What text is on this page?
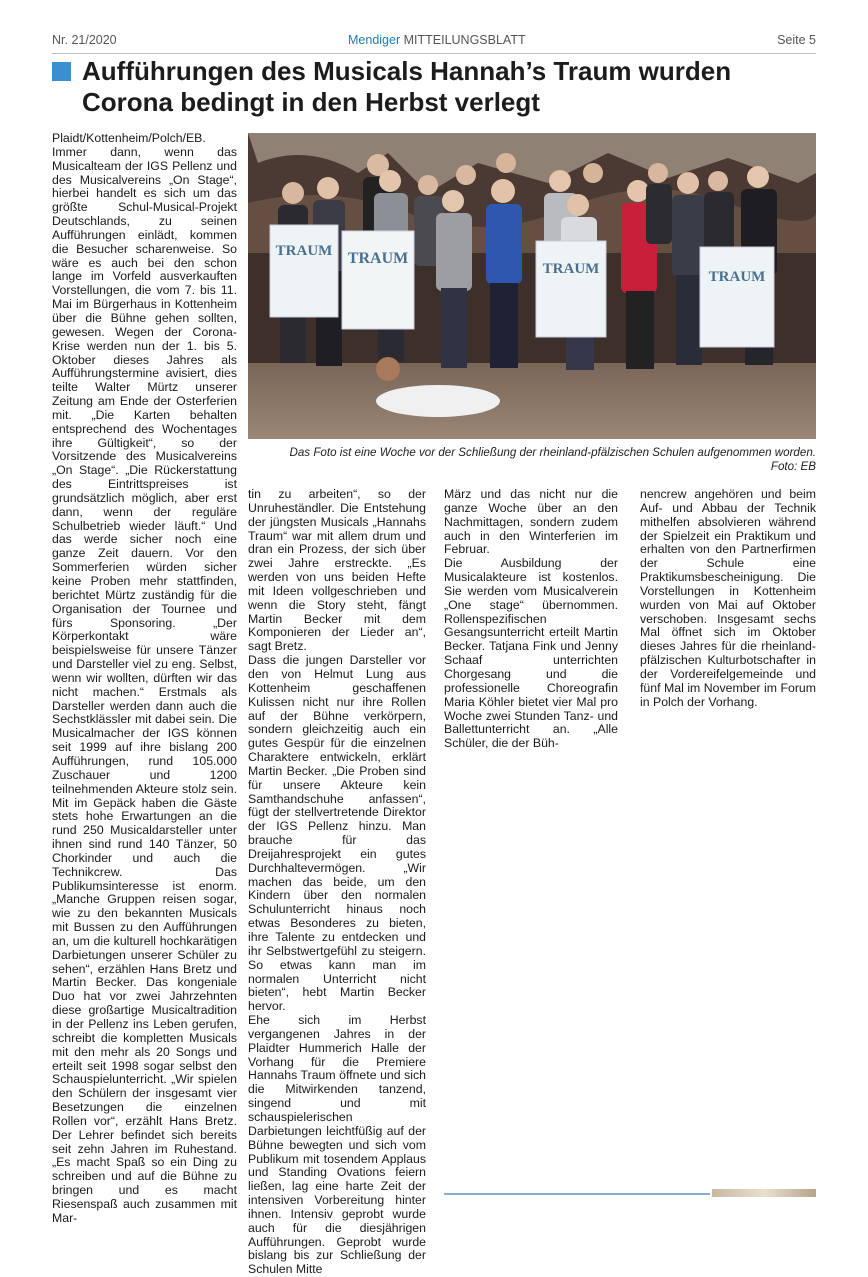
Nr. 21/2020	Mendiger MITTEILUNGSBLATT	Seite 5
Aufführungen des Musicals Hannah’s Traum wurden
Corona bedingt in den Herbst verlegt

Plaidt/Kottenheim/Polch/EB. Immer dann, wenn das Musicalteam der IGS Pellenz und des Musicalvereins „On Stage“, hierbei handelt es sich um das größte Schul-Musical-Projekt Deutschlands, zu seinen Aufführungen einlädt, kommen die Besucher scharenweise. So wäre es auch bei den schon lange im Vorfeld ausverkauften Vorstellungen, die vom 7. bis 11. Mai im Bürgerhaus in Kottenheim über die Bühne gehen sollten, gewesen. Wegen der Corona-Krise werden nun der 1. bis 5. Oktober dieses Jahres als Aufführungstermine avisiert, dies teilte Walter Mürtz unserer Zeitung am Ende der Osterferien mit. „Die Karten behalten entsprechend des Wochentages ihre Gültigkeit“, so der Vorsitzende des Musicalvereins „On Stage“. „Die Rückerstattung des Eintrittspreises ist grundsätzlich möglich, aber erst dann, wenn der reguläre Schulbetrieb wieder läuft.“ Und das werde sicher noch eine ganze Zeit dauern. Vor den Sommerferien würden sicher keine Proben mehr stattfinden, berichtet Mürtz zuständig für die Organisation der Tournee und fürs Sponsoring. „Der Körperkontakt wäre beispielsweise für unsere Tänzer und Darsteller viel zu eng. Selbst, wenn wir wollten, dürften wir das nicht machen.“ Erstmals als Darsteller werden dann auch die Sechstklässler mit dabei sein. Die Musicalmacher der IGS können seit 1999 auf ihre bislang 200 Aufführungen, rund 105.000 Zuschauer und 1200 teilnehmenden Akteure stolz sein. Mit im Gepäck haben die Gäste stets hohe Erwartungen an die rund 250 Musicaldarsteller unter ihnen sind rund 140 Tänzer, 50 Chorkinder und auch die Technikcrew. Das Publikumsinteresse ist enorm. „Manche Gruppen reisen sogar, wie zu den bekannten Musicals mit Bussen zu den Aufführungen an, um die kulturell hochkarätigen Darbietungen unserer Schüler zu sehen“, erzählen Hans Bretz und Martin Becker. Das kongeniale Duo hat vor zwei Jahrzehnten diese großartige Musicaltradition in der Pellenz ins Leben gerufen, schreibt die kompletten Musicals mit den mehr als 20 Songs und erteilt seit 1998 sogar selbst den Schauspielunterricht. „Wir spielen den Schülern der insgesamt vier Besetzungen die einzelnen Rollen vor“, erzählt Hans Bretz. Der Lehrer befindet sich bereits seit zehn Jahren im Ruhestand. „Es macht Spaß so ein Ding zu schreiben und auf die Bühne zu bringen und es macht Riesenspaß auch zusammen mit Mar-

TRAUM TRAUM
TRAUM	TRAUM
Das Foto ist eine Woche vor der Schließung der rheinland-pfälzischen Schulen aufgenommen worden.
Foto: EB

tin zu arbeiten“, so der Unruheständler. Die Entstehung der jüngsten Musicals „Hannahs Traum“ war mit allem drum und dran ein Prozess, der sich über zwei Jahre erstreckte. „Es werden von uns beiden Hefte mit Ideen vollgeschrieben und wenn die Story steht, fängt Martin Becker mit dem Komponieren der Lieder an“, sagt Bretz.

Dass die jungen Darsteller vor den von Helmut Lung aus Kottenheim geschaffenen Kulissen nicht nur ihre Rollen auf der Bühne verkörpern, sondern gleichzeitig auch ein gutes Gespür für die einzelnen Charaktere entwickeln, erklärt Martin Becker. „Die Proben sind für unsere Akteure kein Samthandschuhe anfassen“, fügt der stellvertretende Direktor der IGS Pellenz hinzu. Man brauche für das Dreijahresprojekt ein gutes Durchhaltevermögen. „Wir machen das beide, um den Kindern über den normalen Schulunterricht hinaus noch etwas Besonderes zu bieten, ihre Talente zu entdecken und ihr Selbstwertgefühl zu steigern. So etwas kann man im normalen Unterricht nicht bieten“, hebt Martin Becker hervor.

Ehe sich im Herbst vergangenen Jahres in der Plaidter Hummerich Halle der Vorhang für die Premiere Hannahs Traum öffnete und sich die Mitwirkenden tanzend, singend und mit schauspielerischen Darbietungen leichtfüßig auf der Bühne bewegten und sich vom Publikum mit tosendem Applaus und Standing Ovations feiern ließen, lag eine harte Zeit der intensiven Vorbereitung hinter ihnen. Intensiv geprobt wurde auch für die diesjährigen Aufführungen. Geprobt wurde bislang bis zur Schließung der Schulen Mitte

März und das nicht nur die ganze Woche über an den Nachmittagen, sondern zudem auch in den Winterferien im Februar.

Die Ausbildung der Musicalakteure ist kostenlos. Sie werden vom Musicalverein „One stage“ übernommen. Rollenspezifischen Gesangsunterricht erteilt Martin Becker. Tatjana Fink und Jenny Schaaf unterrichten Chorgesang und die professionelle Choreografin Maria Köhler bietet vier Mal pro Woche zwei Stunden Tanz- und Ballettunterricht an. „Alle Schüler, die der Büh-

nencrew angehören und beim Auf- und Abbau der Technik mithelfen absolvieren während der Spielzeit ein Praktikum und erhalten von den Partnerfirmen der Schule eine Praktikumsbescheinigung. Die Vorstellungen in Kottenheim wurden von Mai auf Oktober verschoben. Insgesamt sechs Mal öffnet sich im Oktober dieses Jahres für die rheinland-pfälzischen Kulturbotschafter in der Vordereifelgemeinde und fünf Mal im November im Forum in Polch der Vorhang.
